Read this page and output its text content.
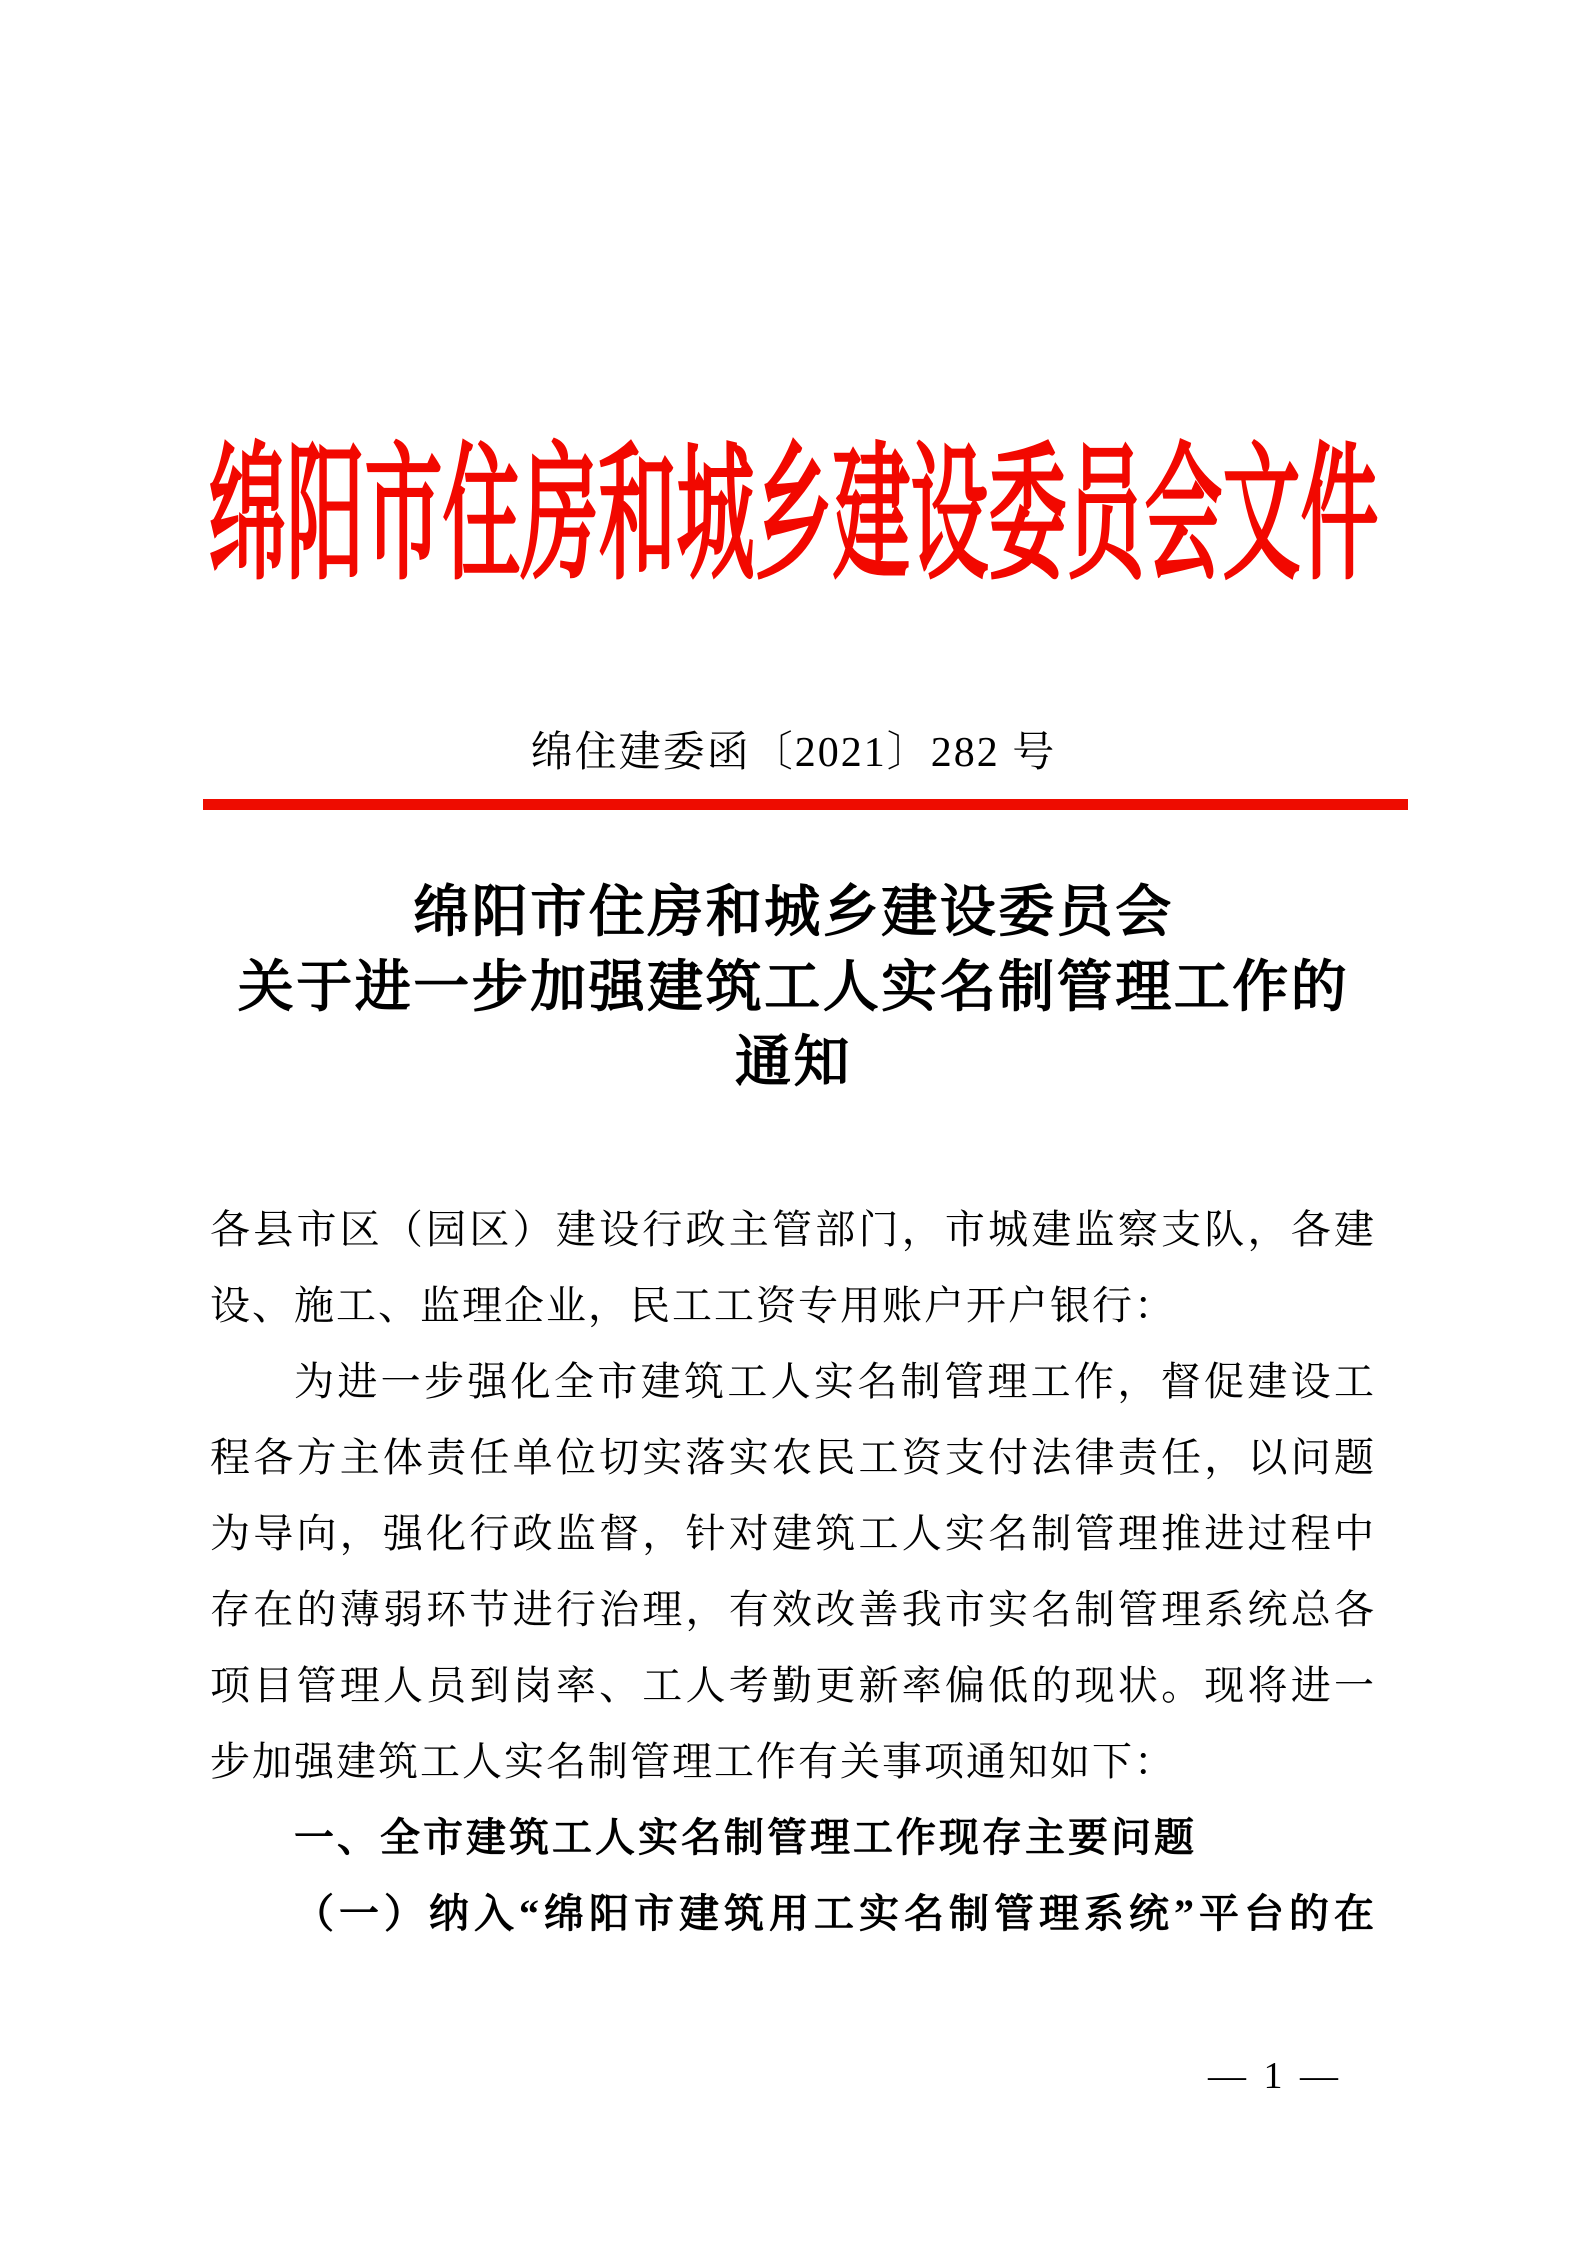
绵阳市住房和城乡建设委员会文件
绵住建委函〔2021〕282 号
绵阳市住房和城乡建设委员会
关于进一步加强建筑工人实名制管理工作的
通知
各县市区（园区）建设行政主管部门，市城建监察支队，各建
设、施工、监理企业，民工工资专用账户开户银行：
为进一步强化全市建筑工人实名制管理工作，督促建设工
程各方主体责任单位切实落实农民工资支付法律责任，以问题
为导向，强化行政监督，针对建筑工人实名制管理推进过程中
存在的薄弱环节进行治理，有效改善我市实名制管理系统总各
项目管理人员到岗率、工人考勤更新率偏低的现状。现将进一
步加强建筑工人实名制管理工作有关事项通知如下：
一、全市建筑工人实名制管理工作现存主要问题
（一）纳入“绵阳市建筑用工实名制管理系统”平台的在
— 1 —
